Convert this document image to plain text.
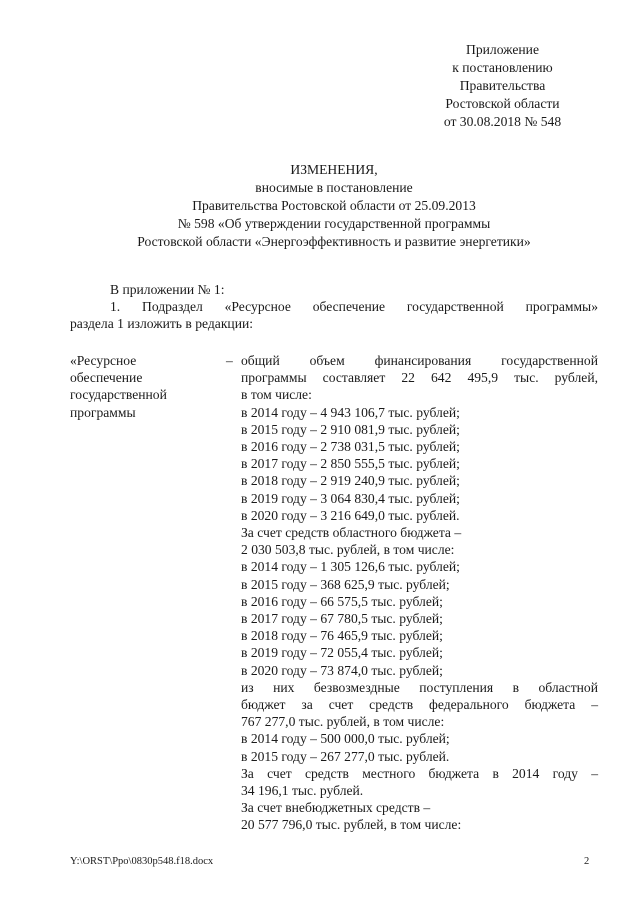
Приложение
к постановлению
Правительства
Ростовской области
от 30.08.2018 № 548
ИЗМЕНЕНИЯ,
вносимые в постановление
Правительства Ростовской области от 25.09.2013
№ 598 «Об утверждении государственной программы
Ростовской области «Энергоэффективность и развитие энергетики»
В приложении № 1:
1. Подраздел «Ресурсное обеспечение государственной программы»
раздела 1 изложить в редакции:
«Ресурсное
обеспечение
государственной
программы
– общий объем финансирования государственной
программы составляет 22 642 495,9 тыс. рублей,
в том числе:
в 2014 году – 4 943 106,7 тыс. рублей;
в 2015 году – 2 910 081,9 тыс. рублей;
в 2016 году – 2 738 031,5 тыс. рублей;
в 2017 году – 2 850 555,5 тыс. рублей;
в 2018 году – 2 919 240,9 тыс. рублей;
в 2019 году – 3 064 830,4 тыс. рублей;
в 2020 году – 3 216 649,0 тыс. рублей.
За счет средств областного бюджета –
2 030 503,8 тыс. рублей, в том числе:
в 2014 году – 1 305 126,6 тыс. рублей;
в 2015 году – 368 625,9 тыс. рублей;
в 2016 году – 66 575,5 тыс. рублей;
в 2017 году – 67 780,5 тыс. рублей;
в 2018 году – 76 465,9 тыс. рублей;
в 2019 году – 72 055,4 тыс. рублей;
в 2020 году – 73 874,0 тыс. рублей;
из них безвозмездные поступления в областной
бюджет за счет средств федерального бюджета –
767 277,0 тыс. рублей, в том числе:
в 2014 году – 500 000,0 тыс. рублей;
в 2015 году – 267 277,0 тыс. рублей.
За счет средств местного бюджета в 2014 году –
34 196,1 тыс. рублей.
За счет внебюджетных средств –
20 577 796,0 тыс. рублей, в том числе:
Y:\ORST\Ppo\0830p548.f18.docx	2
